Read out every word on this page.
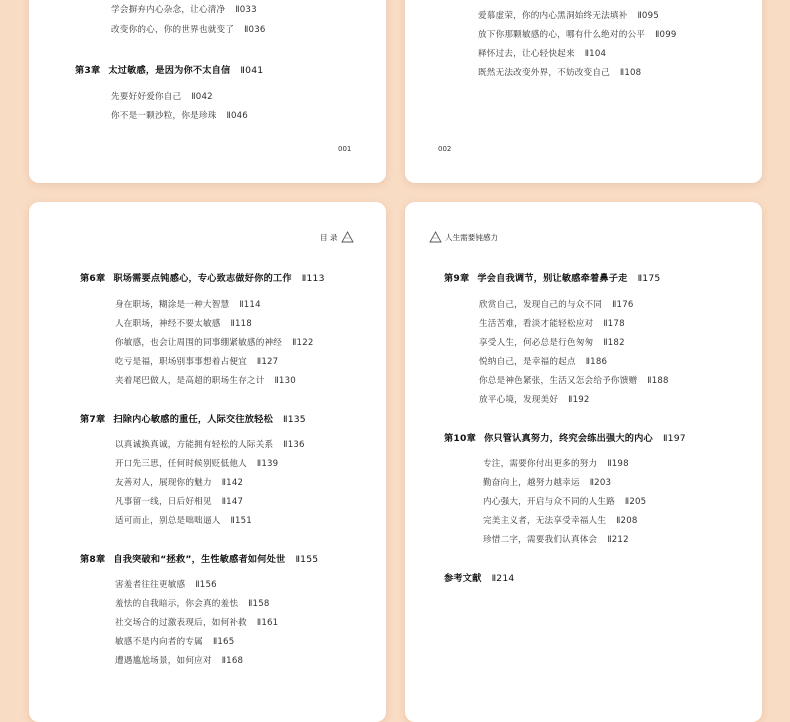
学会摒弃内心杂念，让心清净 Ⅱ033
改变你的心，你的世界也就变了 Ⅱ036
第3章 太过敏感，是因为你不太自信 Ⅱ041
先要好好爱你自己 Ⅱ042
你不是一颗沙粒，你是珍珠 Ⅱ046
001
爱慕虚荣，你的内心黑洞始终无法填补 Ⅱ095
放下你那颗敏感的心，哪有什么绝对的公平 Ⅱ099
释怀过去，让心轻快起来 Ⅱ104
既然无法改变外界，不妨改变自己 Ⅱ108
002
目 录
第6章 职场需要点钝感心，专心致志做好你的工作 Ⅱ113
身在职场，糊涂是一种大智慧 Ⅱ114
人在职场，神经不要太敏感 Ⅱ118
你敏感，也会让周围的同事绷紧敏感的神经 Ⅱ122
吃亏是福，职场别事事想着占便宜 Ⅱ127
夹着尾巴做人，是高超的职场生存之计 Ⅱ130
第7章 扫除内心敏感的重任，人际交往放轻松 Ⅱ135
以真诚换真诚，方能拥有轻松的人际关系 Ⅱ136
开口先三思，任何时候别贬低他人 Ⅱ139
友善对人，展现你的魅力 Ⅱ142
凡事留一线，日后好相见 Ⅱ147
适可而止，别总是咄咄逼人 Ⅱ151
第8章 自我突破和“拯救”，生性敏感者如何处世 Ⅱ155
害羞者往往更敏感 Ⅱ156
羞怯的自我暗示，你会真的羞怯 Ⅱ158
社交场合的过激表现后，如何补救 Ⅱ161
敏感不是内向者的专属 Ⅱ165
遭遇尴尬场景，如何应对 Ⅱ168
人生需要钝感力
第9章 学会自我调节，别让敏感牵着鼻子走 Ⅱ175
欣赏自己，发现自己的与众不同 Ⅱ176
生活苦难，看淡才能轻松应对 Ⅱ178
享受人生，何必总是行色匆匆 Ⅱ182
悦纳自己，是幸福的起点 Ⅱ186
你总是神色紧张，生活又怎会给予你馈赠 Ⅱ188
放平心境，发现美好 Ⅱ192
第10章 你只管认真努力，终究会练出强大的内心 Ⅱ197
专注，需要你付出更多的努力 Ⅱ198
勤奋向上，越努力越幸运 Ⅱ203
内心强大，开启与众不同的人生路 Ⅱ205
完美主义者，无法享受幸福人生 Ⅱ208
珍惜二字，需要我们认真体会 Ⅱ212
参考文献 Ⅱ214
